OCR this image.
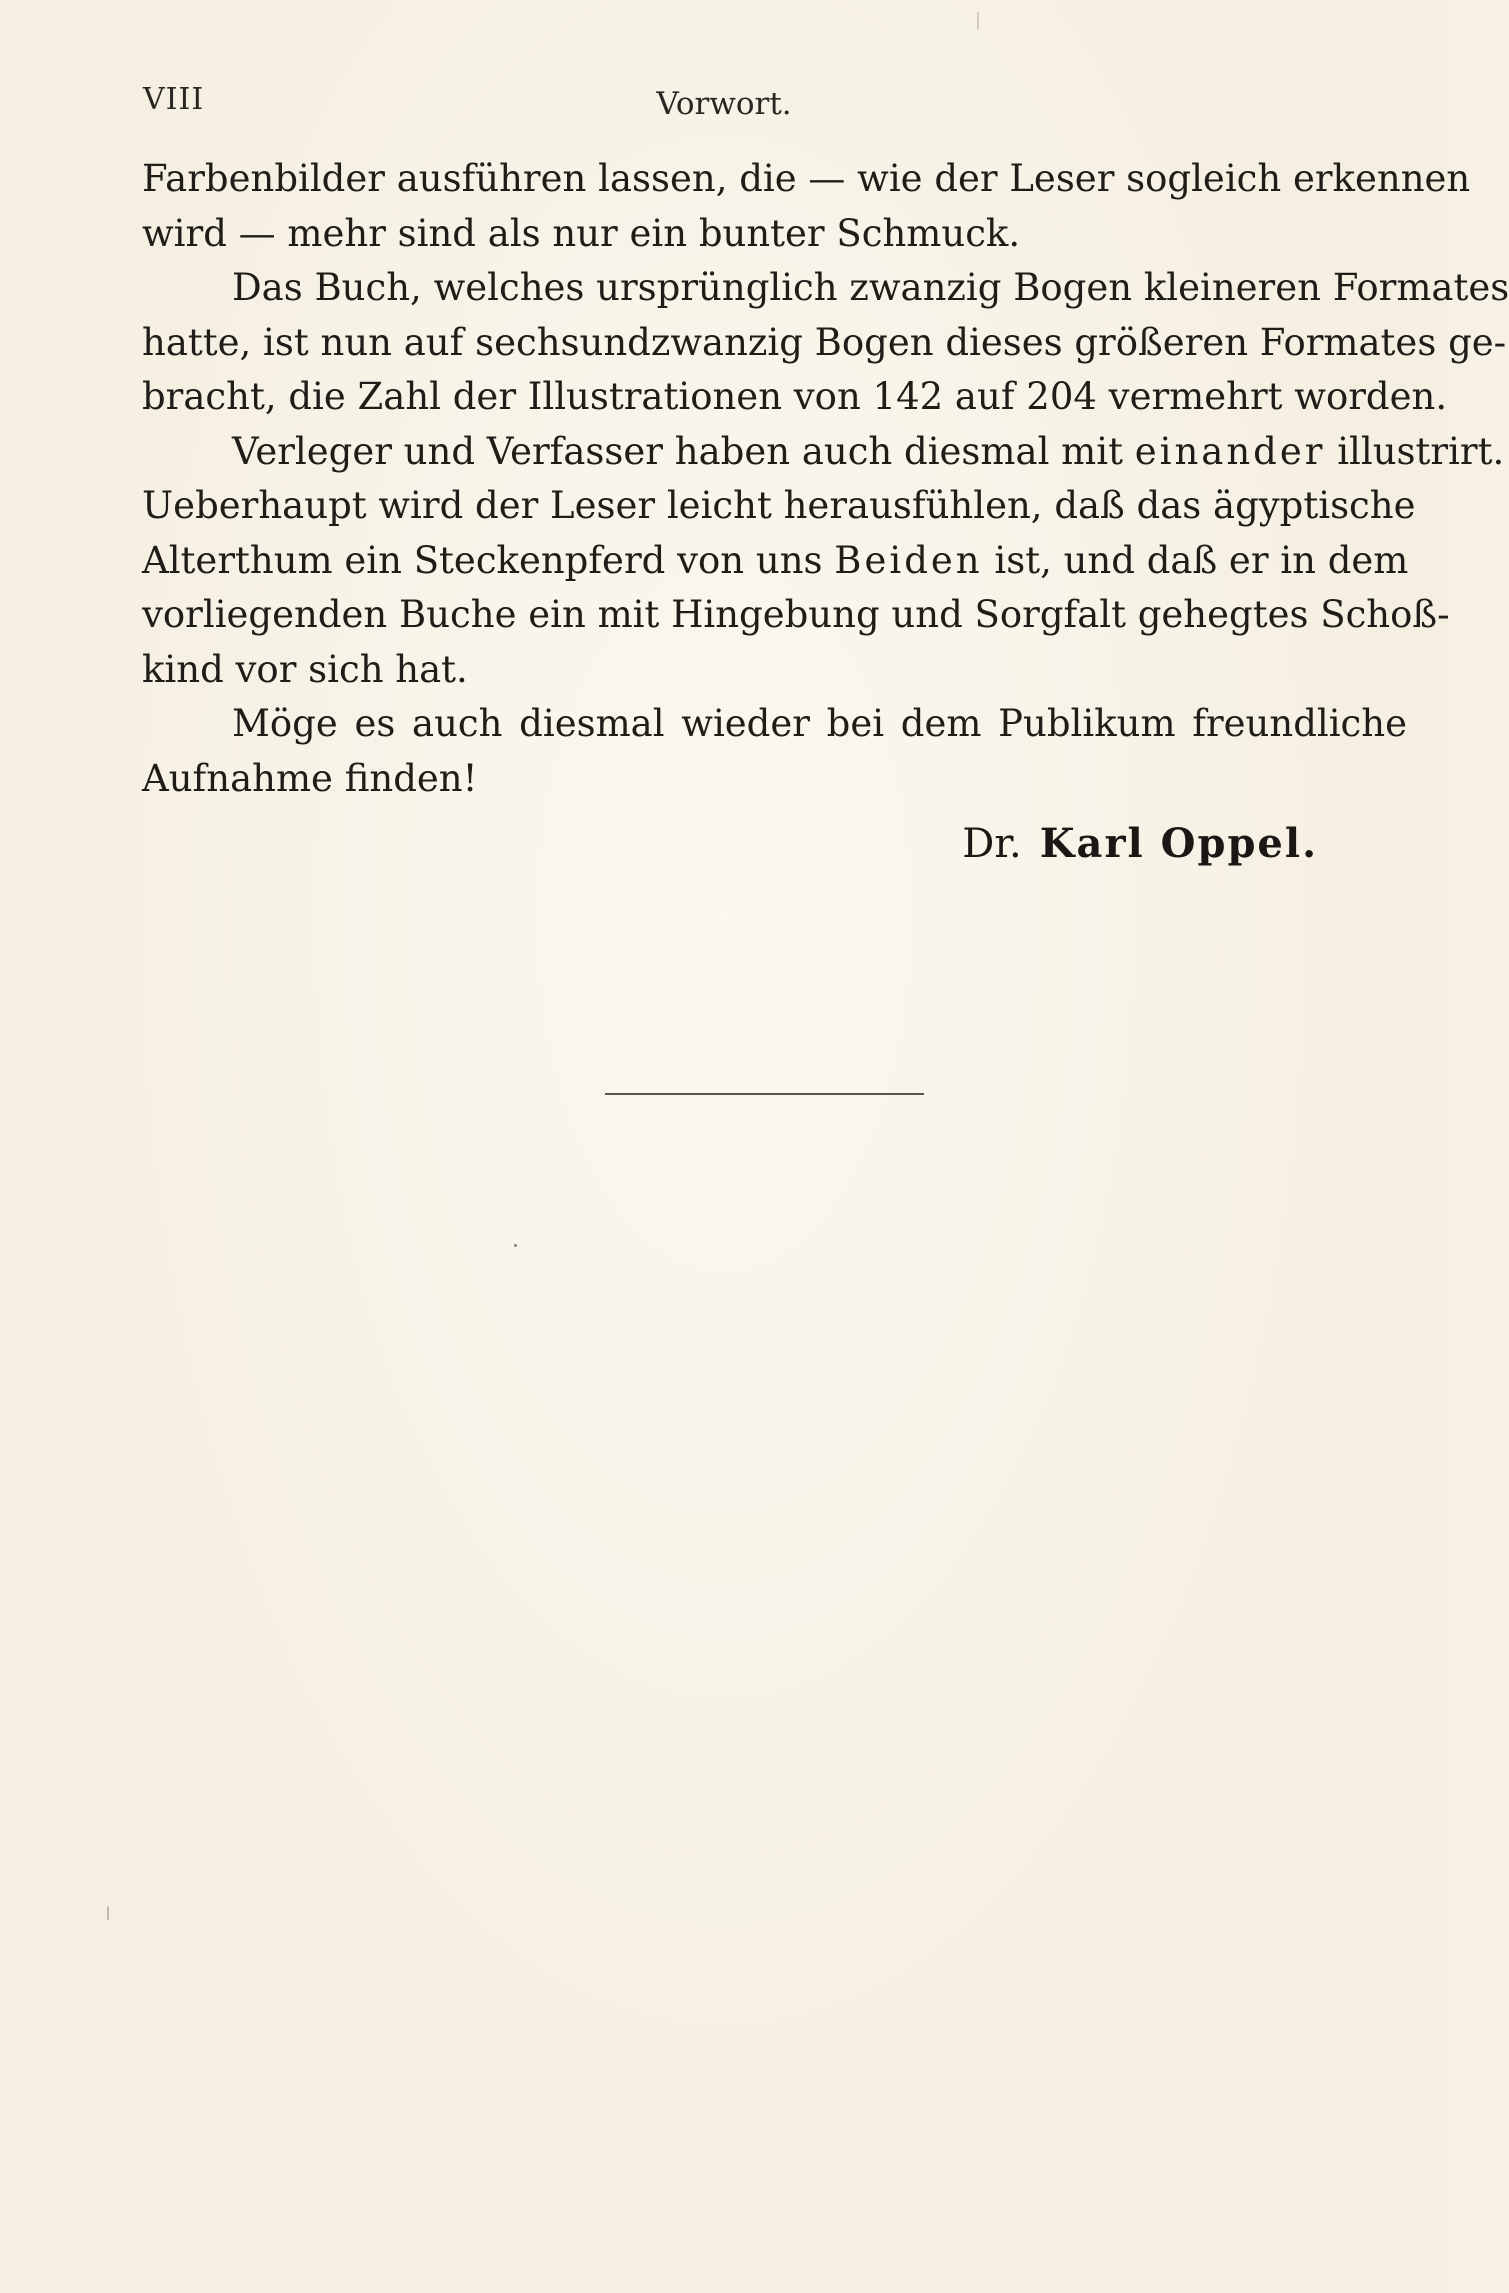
VIII	Vorwort.
Farbenbilder ausführen lassen, die — wie der Leser sogleich erkennen
wird — mehr sind als nur ein bunter Schmuck.
Das Buch, welches ursprünglich zwanzig Bogen kleineren Formates
hatte, ist nun auf sechsundzwanzig Bogen dieses größeren Formates ge-
bracht, die Zahl der Illustrationen von 142 auf 204 vermehrt worden.
Verleger und Verfasser haben auch diesmal mit einander illustrirt.
Ueberhaupt wird der Leser leicht herausfühlen, daß das ägyptische
Alterthum ein Steckenpferd von uns Beiden ist, und daß er in dem
vorliegenden Buche ein mit Hingebung und Sorgfalt gehegtes Schoß-
kind vor sich hat.
Möge es auch diesmal wieder bei dem Publikum freundliche
Aufnahme finden!
Dr. Karl Oppel.
